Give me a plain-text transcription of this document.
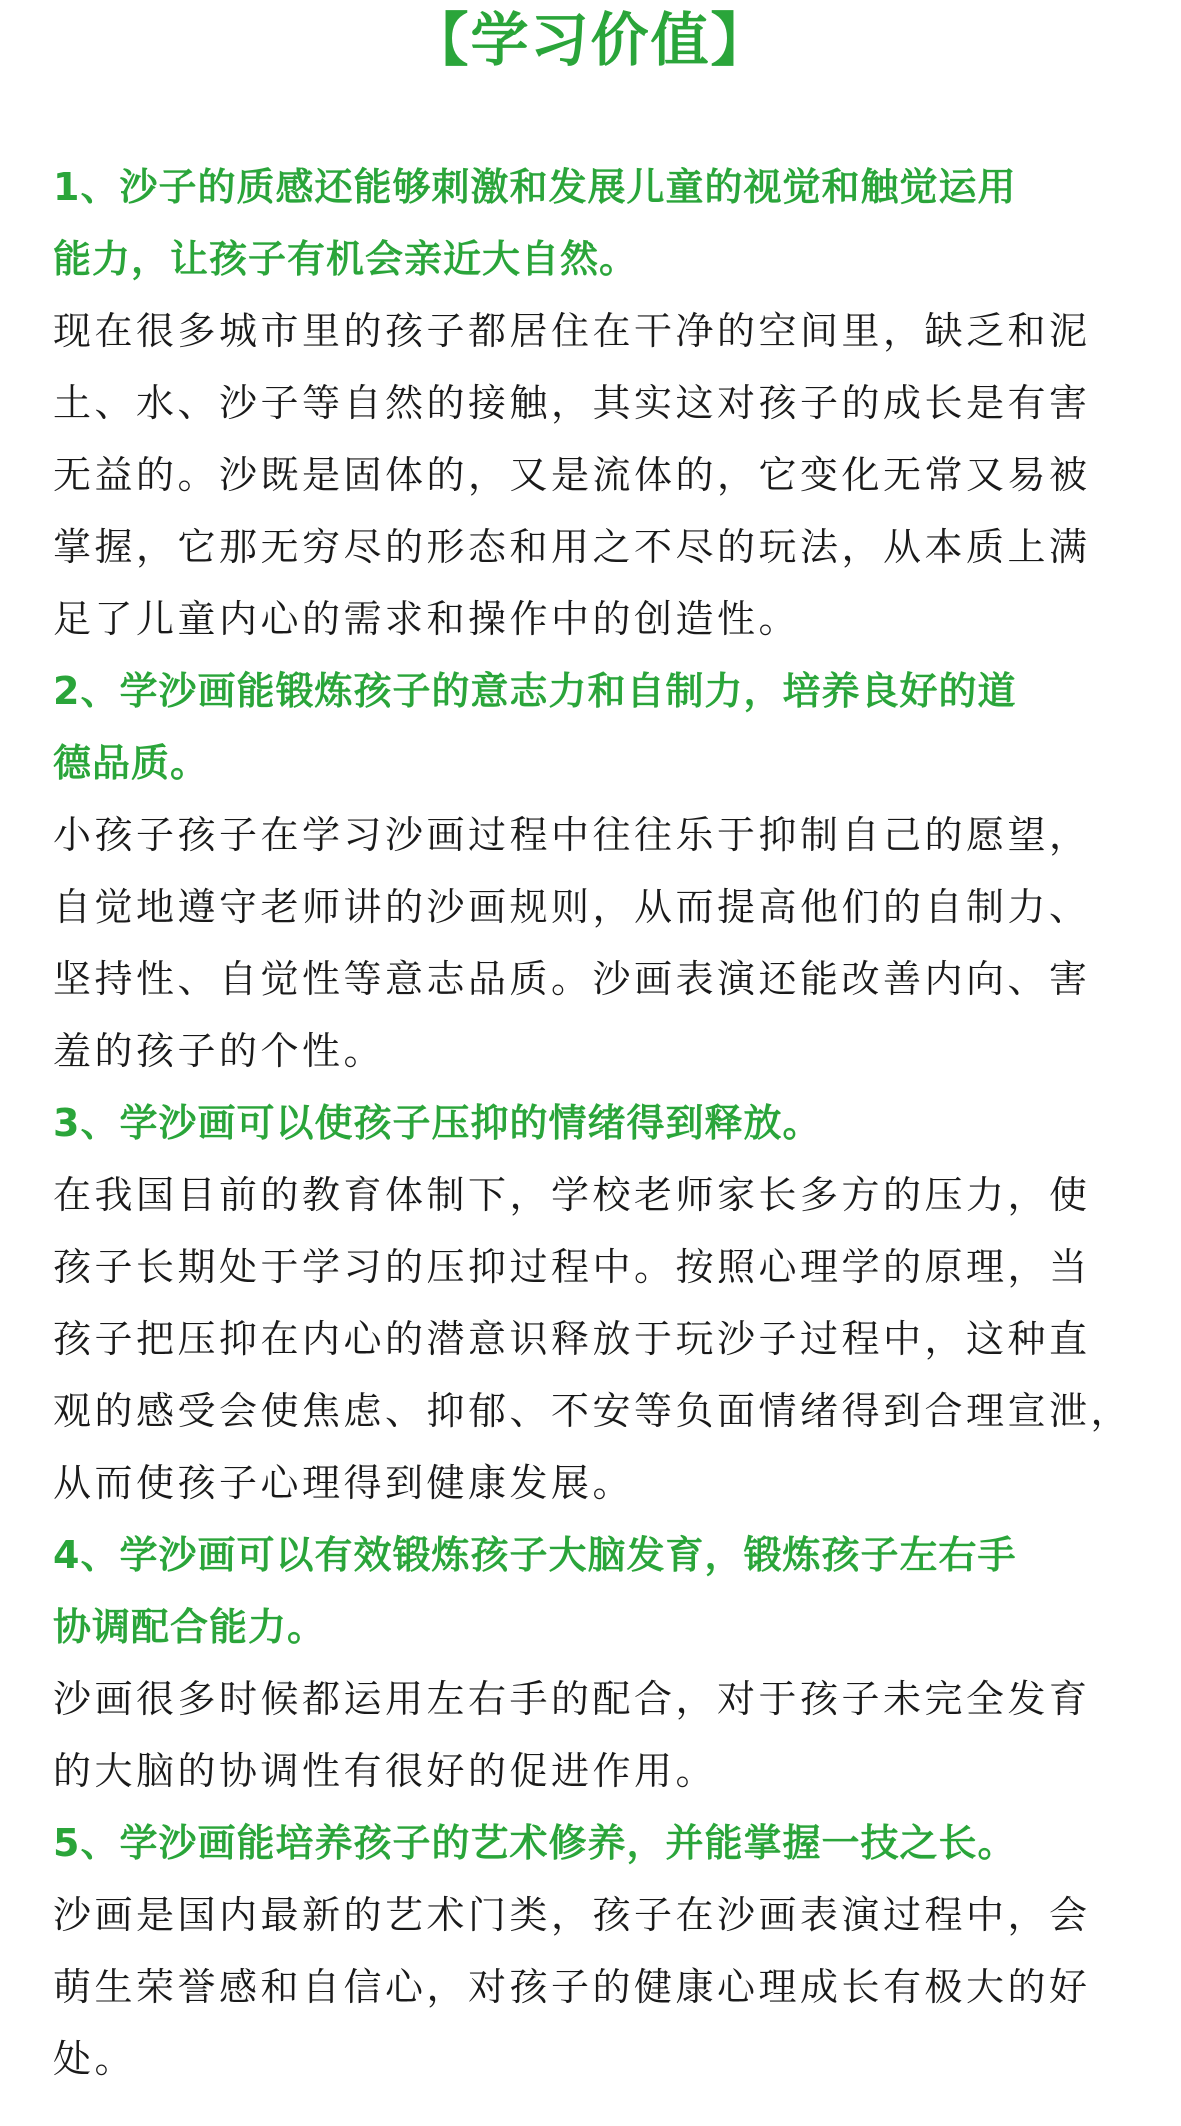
【学习价值】
1、沙子的质感还能够刺激和发展儿童的视觉和触觉运用
能力，让孩子有机会亲近大自然。
现在很多城市里的孩子都居住在干净的空间里，缺乏和泥
土、水、沙子等自然的接触，其实这对孩子的成长是有害
无益的。沙既是固体的，又是流体的，它变化无常又易被
掌握，它那无穷尽的形态和用之不尽的玩法，从本质上满
足了儿童内心的需求和操作中的创造性。
2、学沙画能锻炼孩子的意志力和自制力，培养良好的道
德品质。
小孩子孩子在学习沙画过程中往往乐于抑制自己的愿望，
自觉地遵守老师讲的沙画规则，从而提高他们的自制力、
坚持性、自觉性等意志品质。沙画表演还能改善内向、害
羞的孩子的个性。
3、学沙画可以使孩子压抑的情绪得到释放。
在我国目前的教育体制下，学校老师家长多方的压力，使
孩子长期处于学习的压抑过程中。按照心理学的原理，当
孩子把压抑在内心的潜意识释放于玩沙子过程中，这种直
观的感受会使焦虑、抑郁、不安等负面情绪得到合理宣泄，
从而使孩子心理得到健康发展。
4、学沙画可以有效锻炼孩子大脑发育，锻炼孩子左右手
协调配合能力。
沙画很多时候都运用左右手的配合，对于孩子未完全发育
的大脑的协调性有很好的促进作用。
5、学沙画能培养孩子的艺术修养，并能掌握一技之长。
沙画是国内最新的艺术门类，孩子在沙画表演过程中，会
萌生荣誉感和自信心，对孩子的健康心理成长有极大的好
处。
